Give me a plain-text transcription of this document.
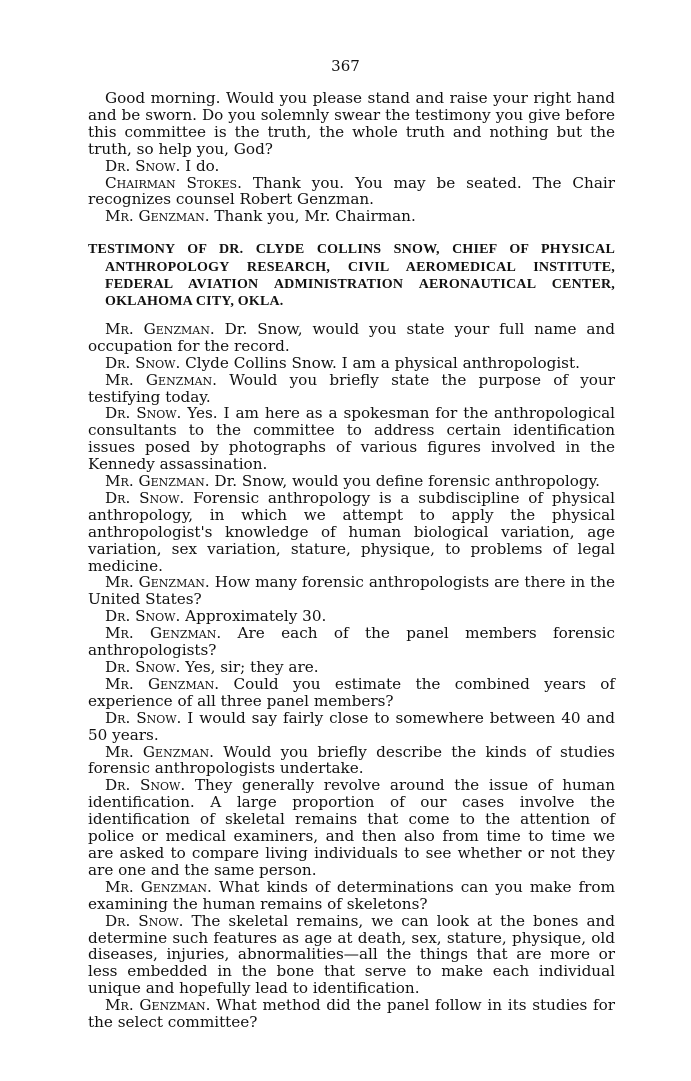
367

Good morning. Would you please stand and raise your right hand and be sworn. Do you solemnly swear the testimony you give before this committee is the truth, the whole truth and nothing but the truth, so help you, God?

Dr. Snow. I do.

Chairman Stokes. Thank you. You may be seated. The Chair recognizes counsel Robert Genzman.

Mr. Genzman. Thank you, Mr. Chairman.

TESTIMONY OF DR. CLYDE COLLINS SNOW, CHIEF OF PHYSICAL ANTHROPOLOGY RESEARCH, CIVIL AEROMEDICAL INSTITUTE, FEDERAL AVIATION ADMINISTRATION AERONAUTICAL CENTER, OKLAHOMA CITY, OKLA.

Mr. Genzman. Dr. Snow, would you state your full name and occupation for the record.

Dr. Snow. Clyde Collins Snow. I am a physical anthropologist.

Mr. Genzman. Would you briefly state the purpose of your testifying today.

Dr. Snow. Yes. I am here as a spokesman for the anthropological consultants to the committee to address certain identification issues posed by photographs of various figures involved in the Kennedy assassination.

Mr. Genzman. Dr. Snow, would you define forensic anthropology.

Dr. Snow. Forensic anthropology is a subdiscipline of physical anthropology, in which we attempt to apply the physical anthropologist's knowledge of human biological variation, age variation, sex variation, stature, physique, to problems of legal medicine.

Mr. Genzman. How many forensic anthropologists are there in the United States?

Dr. Snow. Approximately 30.

Mr. Genzman. Are each of the panel members forensic anthropologists?

Dr. Snow. Yes, sir; they are.

Mr. Genzman. Could you estimate the combined years of experience of all three panel members?

Dr. Snow. I would say fairly close to somewhere between 40 and 50 years.

Mr. Genzman. Would you briefly describe the kinds of studies forensic anthropologists undertake.

Dr. Snow. They generally revolve around the issue of human identification. A large proportion of our cases involve the identification of skeletal remains that come to the attention of police or medical examiners, and then also from time to time we are asked to compare living individuals to see whether or not they are one and the same person.

Mr. Genzman. What kinds of determinations can you make from examining the human remains of skeletons?

Dr. Snow. The skeletal remains, we can look at the bones and determine such features as age at death, sex, stature, physique, old diseases, injuries, abnormalities—all the things that are more or less embedded in the bone that serve to make each individual unique and hopefully lead to identification.

Mr. Genzman. What method did the panel follow in its studies for the select committee?
